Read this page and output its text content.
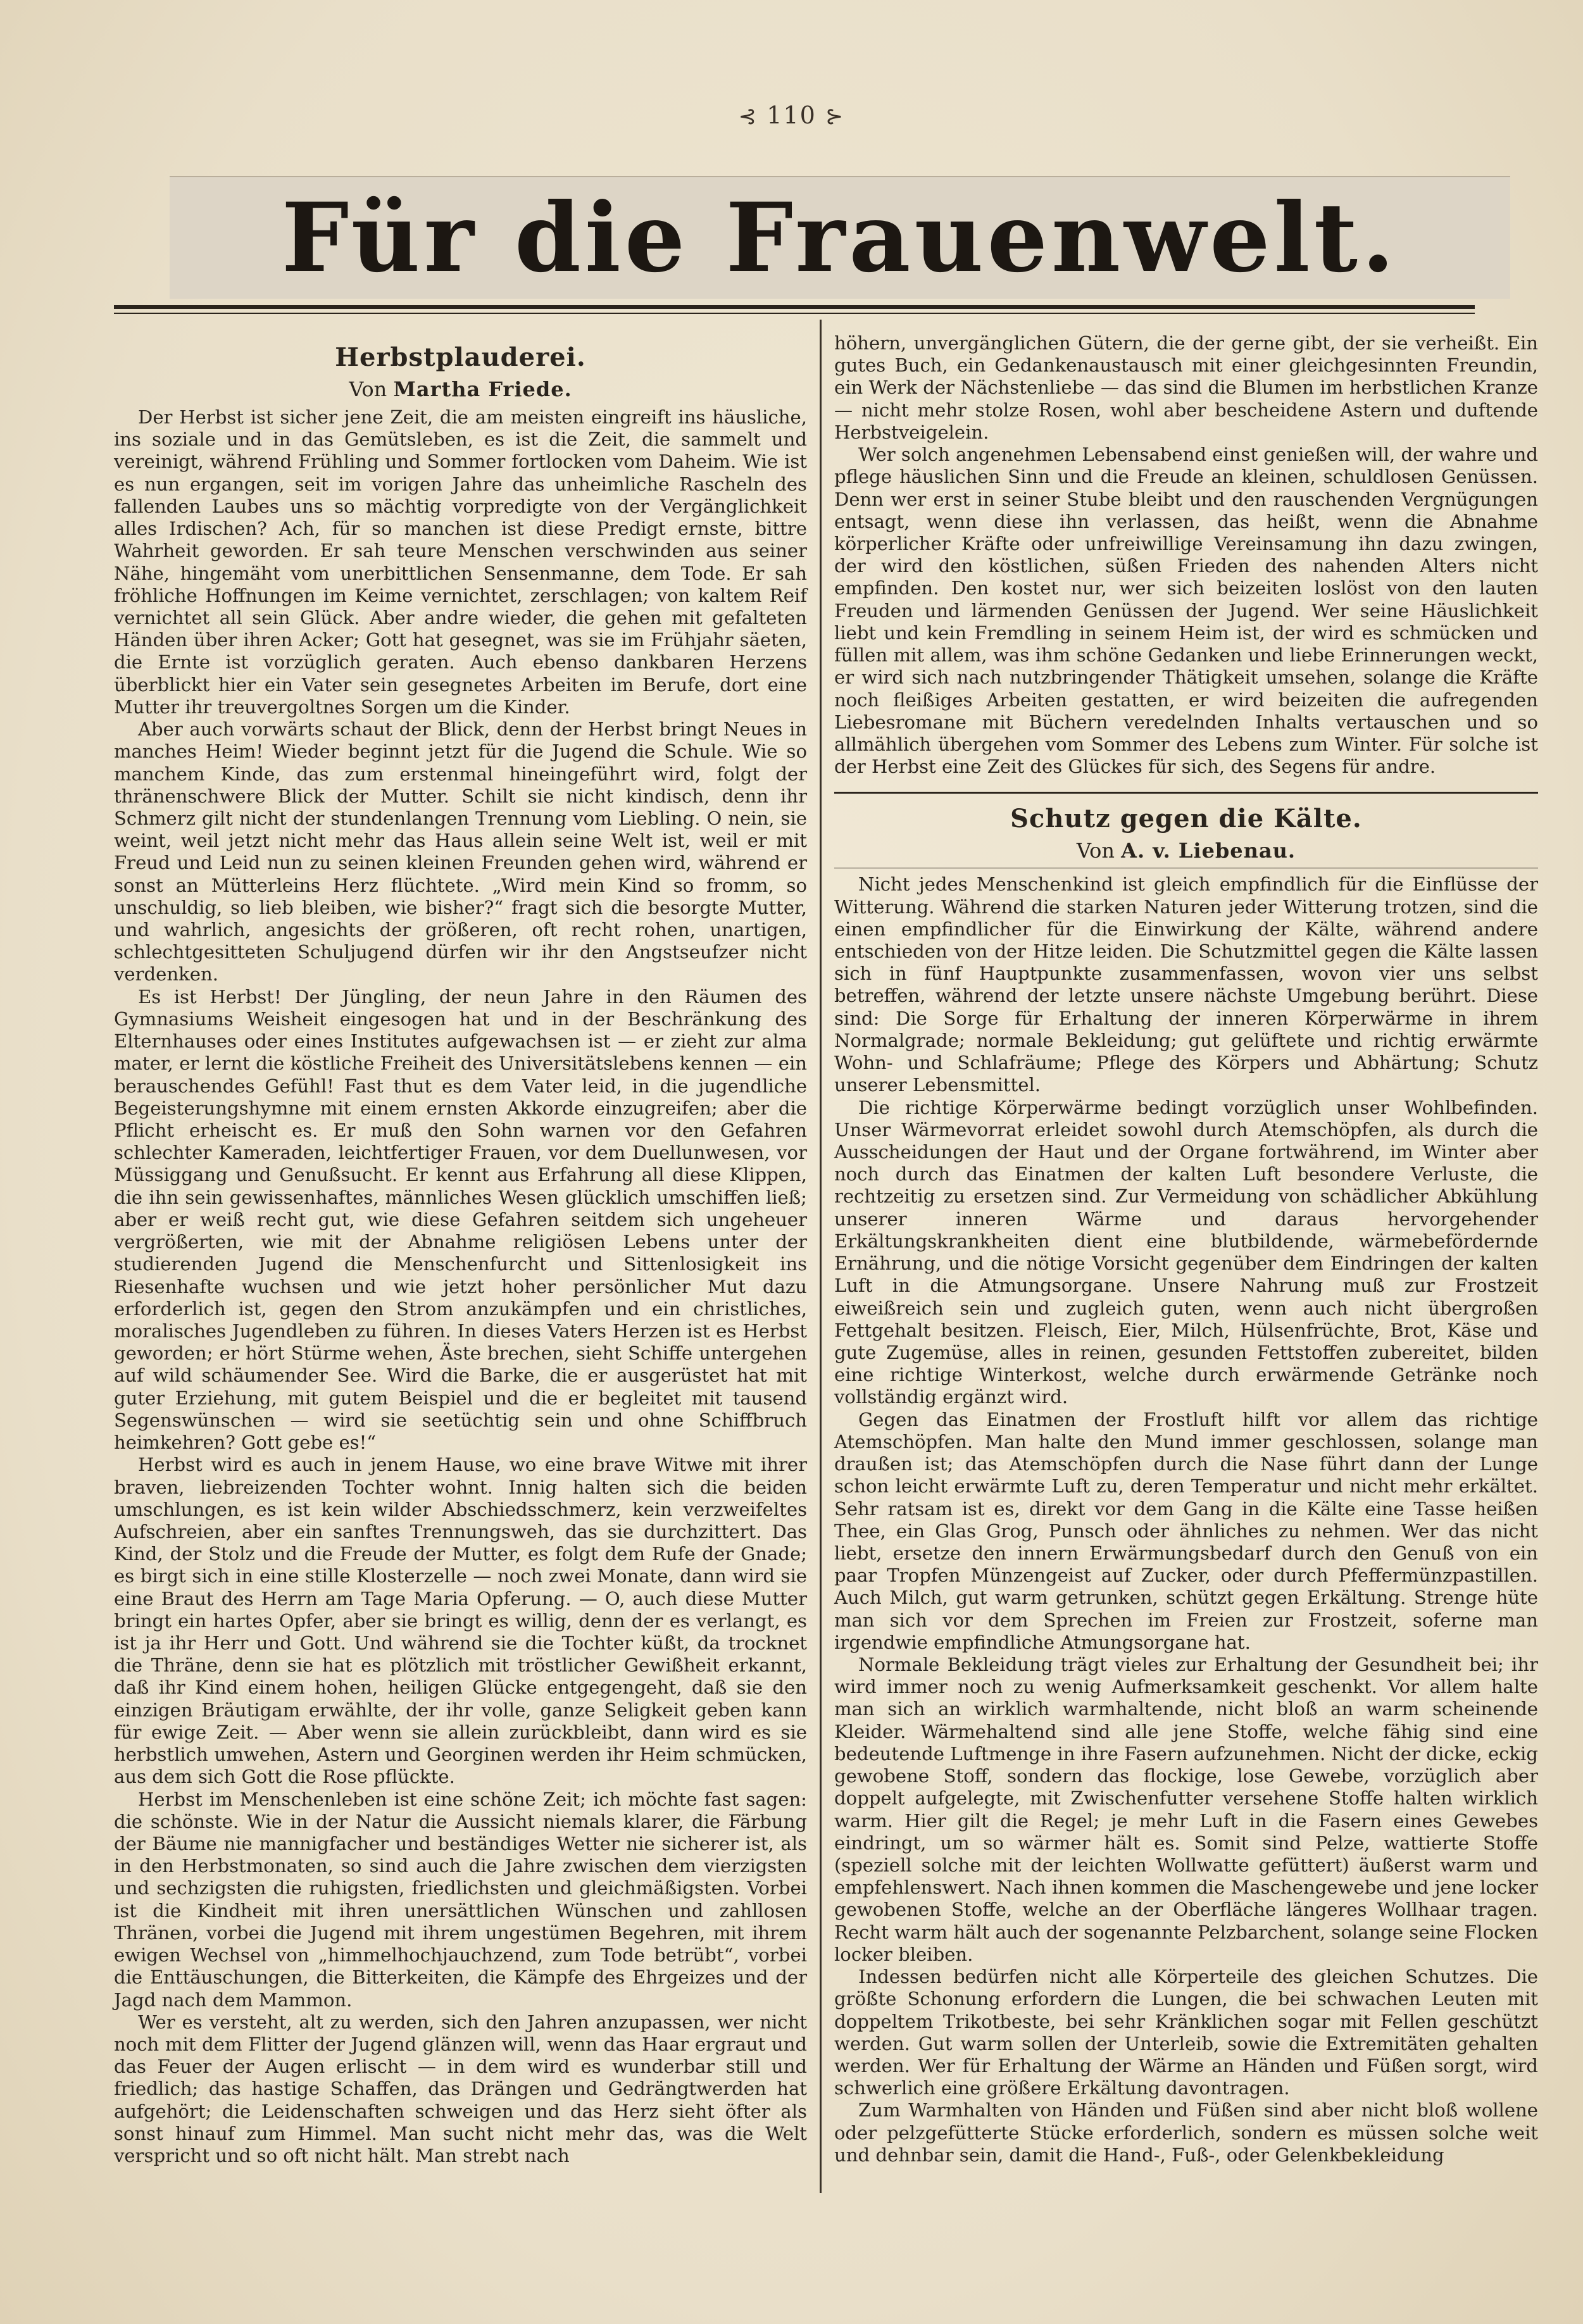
⊰ 110 ⊱
Für die Frauenwelt.
Herbstplauderei.
Von Martha Friede.

Der Herbst ist sicher jene Zeit, die am meisten eingreift ins häusliche, ins soziale und in das Gemütsleben, es ist die Zeit, die sammelt und vereinigt, während Frühling und Sommer fortlocken vom Daheim. Wie ist es nun ergangen, seit im vorigen Jahre das unheimliche Rascheln des fallenden Laubes uns so mächtig vorpredigte von der Vergänglichkeit alles Irdischen? Ach, für so manchen ist diese Predigt ernste, bittre Wahrheit geworden. Er sah teure Menschen verschwinden aus seiner Nähe, hingemäht vom unerbittlichen Sensenmanne, dem Tode. Er sah fröhliche Hoffnungen im Keime vernichtet, zerschlagen; von kaltem Reif vernichtet all sein Glück. Aber andre wieder, die gehen mit gefalteten Händen über ihren Acker; Gott hat gesegnet, was sie im Frühjahr säeten, die Ernte ist vorzüglich geraten. Auch ebenso dankbaren Herzens überblickt hier ein Vater sein gesegnetes Arbeiten im Berufe, dort eine Mutter ihr treuvergoltnes Sorgen um die Kinder.

Aber auch vorwärts schaut der Blick, denn der Herbst bringt Neues in manches Heim! Wieder beginnt jetzt für die Jugend die Schule. Wie so manchem Kinde, das zum erstenmal hineingeführt wird, folgt der thränenschwere Blick der Mutter. Schilt sie nicht kindisch, denn ihr Schmerz gilt nicht der stundenlangen Trennung vom Liebling. O nein, sie weint, weil jetzt nicht mehr das Haus allein seine Welt ist, weil er mit Freud und Leid nun zu seinen kleinen Freunden gehen wird, während er sonst an Mütterleins Herz flüchtete. „Wird mein Kind so fromm, so unschuldig, so lieb bleiben, wie bisher?“ fragt sich die besorgte Mutter, und wahrlich, angesichts der größeren, oft recht rohen, unartigen, schlechtgesitteten Schuljugend dürfen wir ihr den Angstseufzer nicht verdenken.

Es ist Herbst! Der Jüngling, der neun Jahre in den Räumen des Gymnasiums Weisheit eingesogen hat und in der Beschränkung des Elternhauses oder eines Institutes aufgewachsen ist — er zieht zur alma mater, er lernt die köstliche Freiheit des Universitätslebens kennen — ein berauschendes Gefühl! Fast thut es dem Vater leid, in die jugendliche Begeisterungshymne mit einem ernsten Akkorde einzugreifen; aber die Pflicht erheischt es. Er muß den Sohn warnen vor den Gefahren schlechter Kameraden, leichtfertiger Frauen, vor dem Duellunwesen, vor Müssiggang und Genußsucht. Er kennt aus Erfahrung all diese Klippen, die ihn sein gewissenhaftes, männliches Wesen glücklich umschiffen ließ; aber er weiß recht gut, wie diese Gefahren seitdem sich ungeheuer vergrößerten, wie mit der Abnahme religiösen Lebens unter der studierenden Jugend die Menschenfurcht und Sittenlosigkeit ins Riesenhafte wuchsen und wie jetzt hoher persönlicher Mut dazu erforderlich ist, gegen den Strom anzukämpfen und ein christliches, moralisches Jugendleben zu führen. In dieses Vaters Herzen ist es Herbst geworden; er hört Stürme wehen, Äste brechen, sieht Schiffe untergehen auf wild schäumender See. Wird die Barke, die er ausgerüstet hat mit guter Erziehung, mit gutem Beispiel und die er begleitet mit tausend Segenswünschen — wird sie seetüchtig sein und ohne Schiffbruch heimkehren? Gott gebe es!“

Herbst wird es auch in jenem Hause, wo eine brave Witwe mit ihrer braven, liebreizenden Tochter wohnt. Innig halten sich die beiden umschlungen, es ist kein wilder Abschiedsschmerz, kein verzweifeltes Aufschreien, aber ein sanftes Trennungsweh, das sie durchzittert. Das Kind, der Stolz und die Freude der Mutter, es folgt dem Rufe der Gnade; es birgt sich in eine stille Klosterzelle — noch zwei Monate, dann wird sie eine Braut des Herrn am Tage Maria Opferung. — O, auch diese Mutter bringt ein hartes Opfer, aber sie bringt es willig, denn der es verlangt, es ist ja ihr Herr und Gott. Und während sie die Tochter küßt, da trocknet die Thräne, denn sie hat es plötzlich mit tröstlicher Gewißheit erkannt, daß ihr Kind einem hohen, heiligen Glücke entgegengeht, daß sie den einzigen Bräutigam erwählte, der ihr volle, ganze Seligkeit geben kann für ewige Zeit. — Aber wenn sie allein zurückbleibt, dann wird es sie herbstlich umwehen, Astern und Georginen werden ihr Heim schmücken, aus dem sich Gott die Rose pflückte.

Herbst im Menschenleben ist eine schöne Zeit; ich möchte fast sagen: die schönste. Wie in der Natur die Aussicht niemals klarer, die Färbung der Bäume nie mannigfacher und beständiges Wetter nie sicherer ist, als in den Herbstmonaten, so sind auch die Jahre zwischen dem vierzigsten und sechzigsten die ruhigsten, friedlichsten und gleichmäßigsten. Vorbei ist die Kindheit mit ihren unersättlichen Wünschen und zahllosen Thränen, vorbei die Jugend mit ihrem ungestümen Begehren, mit ihrem ewigen Wechsel von „himmelhochjauchzend, zum Tode betrübt“, vorbei die Enttäuschungen, die Bitterkeiten, die Kämpfe des Ehrgeizes und der Jagd nach dem Mammon.

Wer es versteht, alt zu werden, sich den Jahren anzupassen, wer nicht noch mit dem Flitter der Jugend glänzen will, wenn das Haar ergraut und das Feuer der Augen erlischt — in dem wird es wunderbar still und friedlich; das hastige Schaffen, das Drängen und Gedrängtwerden hat aufgehört; die Leidenschaften schweigen und das Herz sieht öfter als sonst hinauf zum Himmel. Man sucht nicht mehr das, was die Welt verspricht und so oft nicht hält. Man strebt nach

höhern, unvergänglichen Gütern, die der gerne gibt, der sie verheißt. Ein gutes Buch, ein Gedankenaustausch mit einer gleichgesinnten Freundin, ein Werk der Nächstenliebe — das sind die Blumen im herbstlichen Kranze — nicht mehr stolze Rosen, wohl aber bescheidene Astern und duftende Herbstveigelein.

Wer solch angenehmen Lebensabend einst genießen will, der wahre und pflege häuslichen Sinn und die Freude an kleinen, schuldlosen Genüssen. Denn wer erst in seiner Stube bleibt und den rauschenden Vergnügungen entsagt, wenn diese ihn verlassen, das heißt, wenn die Abnahme körperlicher Kräfte oder unfreiwillige Vereinsamung ihn dazu zwingen, der wird den köstlichen, süßen Frieden des nahenden Alters nicht empfinden. Den kostet nur, wer sich beizeiten loslöst von den lauten Freuden und lärmenden Genüssen der Jugend. Wer seine Häuslichkeit liebt und kein Fremdling in seinem Heim ist, der wird es schmücken und füllen mit allem, was ihm schöne Gedanken und liebe Erinnerungen weckt, er wird sich nach nutzbringender Thätigkeit umsehen, solange die Kräfte noch fleißiges Arbeiten gestatten, er wird beizeiten die aufregenden Liebesromane mit Büchern veredelnden Inhalts vertauschen und so allmählich übergehen vom Sommer des Lebens zum Winter. Für solche ist der Herbst eine Zeit des Glückes für sich, des Segens für andre.

Schutz gegen die Kälte.
Von A. v. Liebenau.

Nicht jedes Menschenkind ist gleich empfindlich für die Einflüsse der Witterung. Während die starken Naturen jeder Witterung trotzen, sind die einen empfindlicher für die Einwirkung der Kälte, während andere entschieden von der Hitze leiden. Die Schutzmittel gegen die Kälte lassen sich in fünf Hauptpunkte zusammenfassen, wovon vier uns selbst betreffen, während der letzte unsere nächste Umgebung berührt. Diese sind: Die Sorge für Erhaltung der inneren Körperwärme in ihrem Normalgrade; normale Bekleidung; gut gelüftete und richtig erwärmte Wohn- und Schlafräume; Pflege des Körpers und Abhärtung; Schutz unserer Lebensmittel.

Die richtige Körperwärme bedingt vorzüglich unser Wohlbefinden. Unser Wärmevorrat erleidet sowohl durch Atemschöpfen, als durch die Ausscheidungen der Haut und der Organe fortwährend, im Winter aber noch durch das Einatmen der kalten Luft besondere Verluste, die rechtzeitig zu ersetzen sind. Zur Vermeidung von schädlicher Abkühlung unserer inneren Wärme und daraus hervorgehender Erkältungskrankheiten dient eine blutbildende, wärmebefördernde Ernährung, und die nötige Vorsicht gegenüber dem Eindringen der kalten Luft in die Atmungsorgane. Unsere Nahrung muß zur Frostzeit eiweißreich sein und zugleich guten, wenn auch nicht übergroßen Fettgehalt besitzen. Fleisch, Eier, Milch, Hülsenfrüchte, Brot, Käse und gute Zugemüse, alles in reinen, gesunden Fettstoffen zubereitet, bilden eine richtige Winterkost, welche durch erwärmende Getränke noch vollständig ergänzt wird.

Gegen das Einatmen der Frostluft hilft vor allem das richtige Atemschöpfen. Man halte den Mund immer geschlossen, solange man draußen ist; das Atemschöpfen durch die Nase führt dann der Lunge schon leicht erwärmte Luft zu, deren Temperatur und nicht mehr erkältet. Sehr ratsam ist es, direkt vor dem Gang in die Kälte eine Tasse heißen Thee, ein Glas Grog, Punsch oder ähnliches zu nehmen. Wer das nicht liebt, ersetze den innern Erwärmungsbedarf durch den Genuß von ein paar Tropfen Münzengeist auf Zucker, oder durch Pfeffermünzpastillen. Auch Milch, gut warm getrunken, schützt gegen Erkältung. Strenge hüte man sich vor dem Sprechen im Freien zur Frostzeit, soferne man irgendwie empfindliche Atmungsorgane hat.

Normale Bekleidung trägt vieles zur Erhaltung der Gesundheit bei; ihr wird immer noch zu wenig Aufmerksamkeit geschenkt. Vor allem halte man sich an wirklich warmhaltende, nicht bloß an warm scheinende Kleider. Wärmehaltend sind alle jene Stoffe, welche fähig sind eine bedeutende Luftmenge in ihre Fasern aufzunehmen. Nicht der dicke, eckig gewobene Stoff, sondern das flockige, lose Gewebe, vorzüglich aber doppelt aufgelegte, mit Zwischenfutter versehene Stoffe halten wirklich warm. Hier gilt die Regel; je mehr Luft in die Fasern eines Gewebes eindringt, um so wärmer hält es. Somit sind Pelze, wattierte Stoffe (speziell solche mit der leichten Wollwatte gefüttert) äußerst warm und empfehlenswert. Nach ihnen kommen die Maschengewebe und jene locker gewobenen Stoffe, welche an der Oberfläche längeres Wollhaar tragen. Recht warm hält auch der sogenannte Pelzbarchent, solange seine Flocken locker bleiben.

Indessen bedürfen nicht alle Körperteile des gleichen Schutzes. Die größte Schonung erfordern die Lungen, die bei schwachen Leuten mit doppeltem Trikotbeste, bei sehr Kränklichen sogar mit Fellen geschützt werden. Gut warm sollen der Unterleib, sowie die Extremitäten gehalten werden. Wer für Erhaltung der Wärme an Händen und Füßen sorgt, wird schwerlich eine größere Erkältung davontragen.

Zum Warmhalten von Händen und Füßen sind aber nicht bloß wollene oder pelzgefütterte Stücke erforderlich, sondern es müssen solche weit und dehnbar sein, damit die Hand-, Fuß-, oder Gelenkbekleidung
